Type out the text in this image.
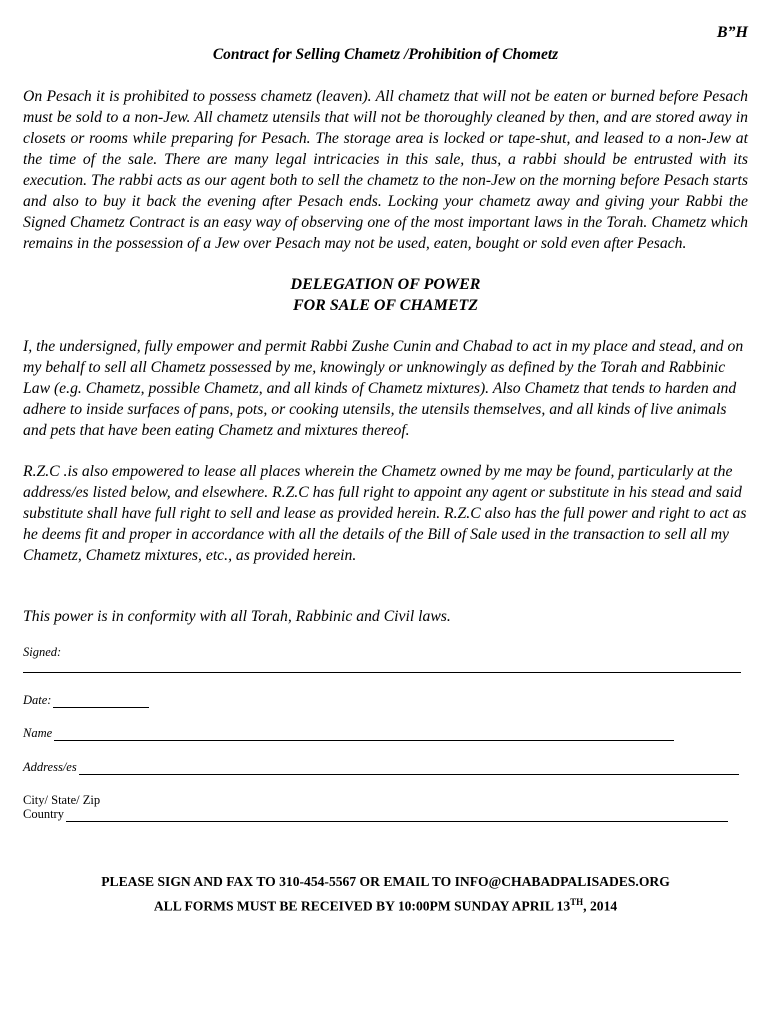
B”H
Contract for Selling Chametz /Prohibition of Chometz

On Pesach it is prohibited to possess chametz (leaven). All chametz that will not be eaten or burned before Pesach must be sold to a non-Jew. All chametz utensils that will not be thoroughly cleaned by then, and are stored away in closets or rooms while preparing for Pesach. The storage area is locked or tape-shut, and leased to a non-Jew at the time of the sale. There are many legal intricacies in this sale, thus, a rabbi should be entrusted with its execution. The rabbi acts as our agent both to sell the chametz to the non-Jew on the morning before Pesach starts and also to buy it back the evening after Pesach ends. Locking your chametz away and giving your Rabbi the Signed Chametz Contract is an easy way of observing one of the most important laws in the Torah. Chametz which remains in the possession of a Jew over Pesach may not be used, eaten, bought or sold even after Pesach.

DELEGATION OF POWER
FOR SALE OF CHAMETZ

I, the undersigned, fully empower and permit Rabbi Zushe Cunin and Chabad to act in my place and stead, and on my behalf to sell all Chametz possessed by me, knowingly or unknowingly as defined by the Torah and Rabbinic Law (e.g. Chametz, possible Chametz, and all kinds of Chametz mixtures). Also Chametz that tends to harden and adhere to inside surfaces of pans, pots, or cooking utensils, the utensils themselves, and all kinds of live animals and pets that have been eating Chametz and mixtures thereof.

R.Z.C .is also empowered to lease all places wherein the Chametz owned by me may be found, particularly at the address/es listed below, and elsewhere. R.Z.C has full right to appoint any agent or substitute in his stead and said substitute shall have full right to sell and lease as provided herein. R.Z.C also has the full power and right to act as he deems fit and proper in accordance with all the details of the Bill of Sale used in the transaction to sell all my Chametz, Chametz mixtures, etc., as provided herein.

This power is in conformity with all Torah, Rabbinic and Civil laws.

Signed:
Date:
Name
Address/es
City/ State/ Zip
Country
PLEASE SIGN AND FAX TO 310-454-5567 OR EMAIL TO INFO@CHABADPALISADES.ORG
ALL FORMS MUST BE RECEIVED BY 10:00PM SUNDAY APRIL 13TH, 2014
